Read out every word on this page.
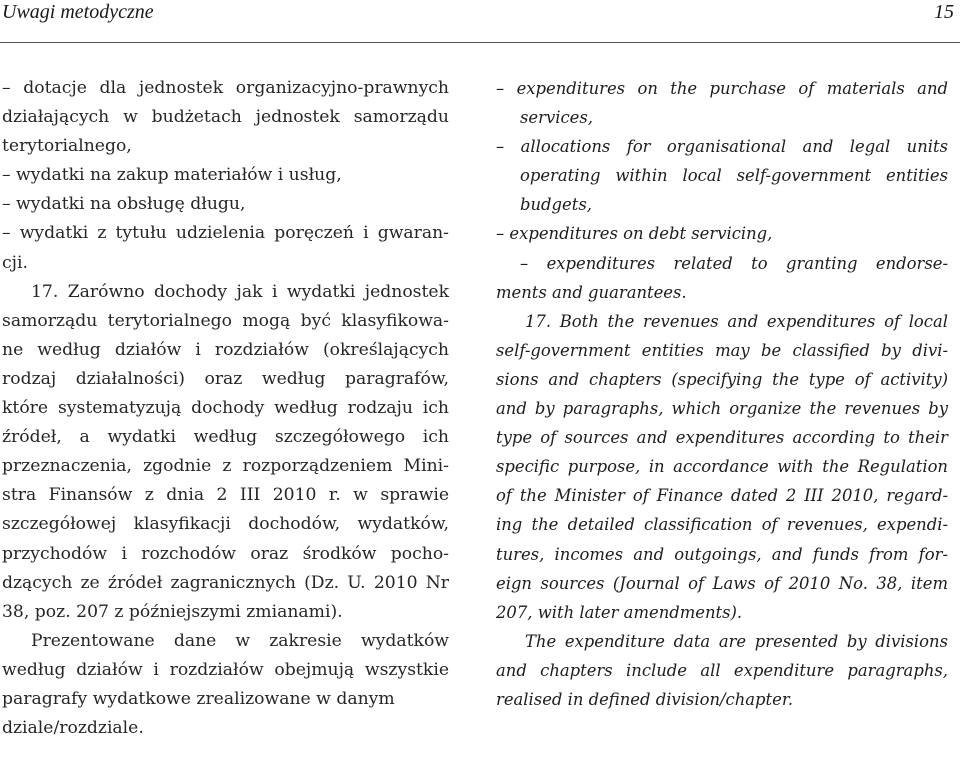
Uwagi metodyczne	15
– dotacje dla jednostek organizacyjno-prawnych
działających w budżetach jednostek samorządu
terytorialnego,
– wydatki na zakup materiałów i usług,
– wydatki na obsługę długu,
– wydatki z tytułu udzielenia poręczeń i gwaran-
cji.
17. Zarówno dochody jak i wydatki jednostek
samorządu terytorialnego mogą być klasyfikowa-
ne według działów i rozdziałów (określających
rodzaj działalności) oraz według paragrafów,
które systematyzują dochody według rodzaju ich
źródeł, a wydatki według szczegółowego ich
przeznaczenia, zgodnie z rozporządzeniem Mini-
stra Finansów z dnia 2 III 2010 r. w sprawie
szczegółowej klasyfikacji dochodów, wydatków,
przychodów i rozchodów oraz środków pocho-
dzących ze źródeł zagranicznych (Dz. U. 2010 Nr
38, poz. 207 z późniejszymi zmianami).
Prezentowane dane w zakresie wydatków
według działów i rozdziałów obejmują wszystkie
paragrafy wydatkowe zrealizowane w danym
dziale/rozdziale.
– expenditures on the purchase of materials and
services,
– allocations for organisational and legal units
operating within local self-government entities
budgets,
– expenditures on debt servicing,
– expenditures related to granting endorse-
ments and guarantees.
17. Both the revenues and expenditures of local
self-government entities may be classified by divi-
sions and chapters (specifying the type of activity)
and by paragraphs, which organize the revenues by
type of sources and expenditures according to their
specific purpose, in accordance with the Regulation
of the Minister of Finance dated 2 III 2010, regard-
ing the detailed classification of revenues, expendi-
tures, incomes and outgoings, and funds from for-
eign sources (Journal of Laws of 2010 No. 38, item
207, with later amendments).
The expenditure data are presented by divisions
and chapters include all expenditure paragraphs,
realised in defined division/chapter.
